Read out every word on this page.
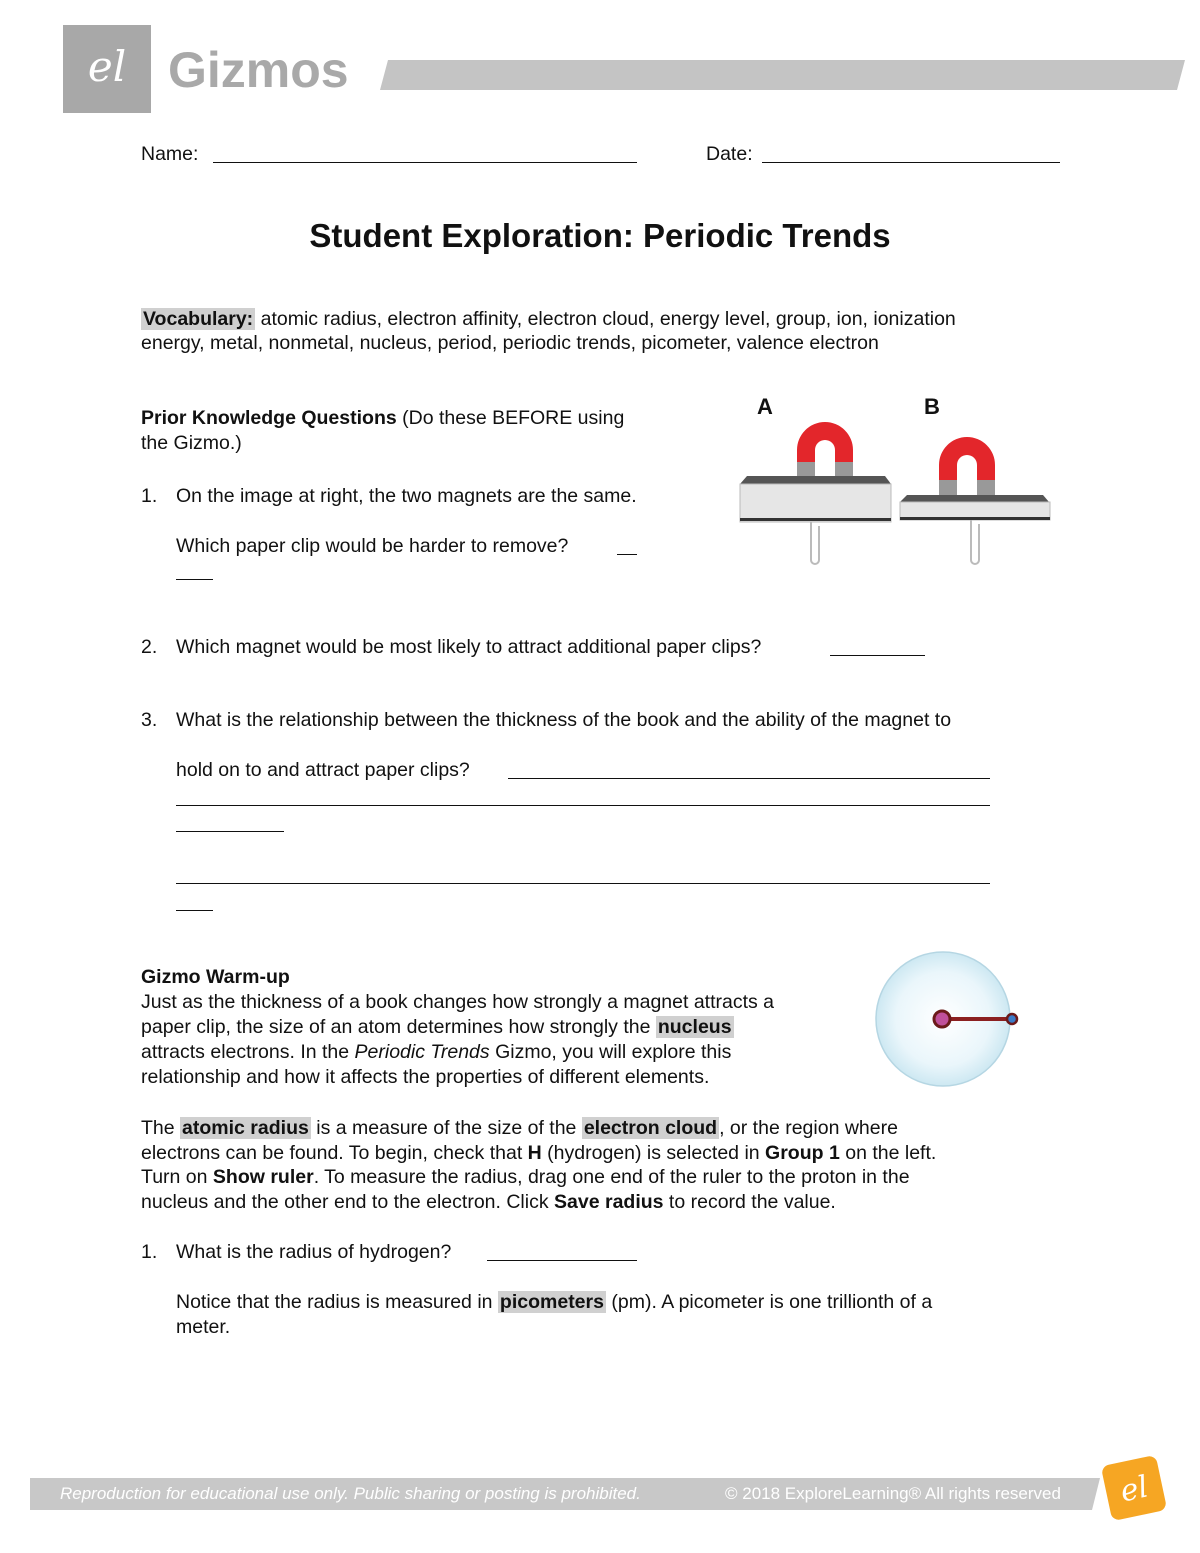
el Gizmos
Name:	Date:
Student Exploration: Periodic Trends
Vocabulary: atomic radius, electron affinity, electron cloud, energy level, group, ion, ionization
energy, metal, nonmetal, nucleus, period, periodic trends, picometer, valence electron
Prior Knowledge Questions (Do these BEFORE using
the Gizmo.)
A	B
1. On the image at right, the two magnets are the same.
Which paper clip would be harder to remove?
2. Which magnet would be most likely to attract additional paper clips?
3. What is the relationship between the thickness of the book and the ability of the magnet to
hold on to and attract paper clips?
Gizmo Warm-up
Just as the thickness of a book changes how strongly a magnet attracts a
paper clip, the size of an atom determines how strongly the nucleus
attracts electrons. In the Periodic Trends Gizmo, you will explore this
relationship and how it affects the properties of different elements.
The atomic radius is a measure of the size of the electron cloud , or the region where
electrons can be found. To begin, check that H (hydrogen) is selected in Group 1 on the left.
Turn on Show ruler. To measure the radius, drag one end of the ruler to the proton in the
nucleus and the other end to the electron. Click Save radius to record the value.
1. What is the radius of hydrogen?
Notice that the radius is measured in picometers (pm). A picometer is one trillionth of a
meter.
Reproduction for educational use only. Public sharing or posting is prohibited.	© 2018 ExploreLearning® All rights reserved el
